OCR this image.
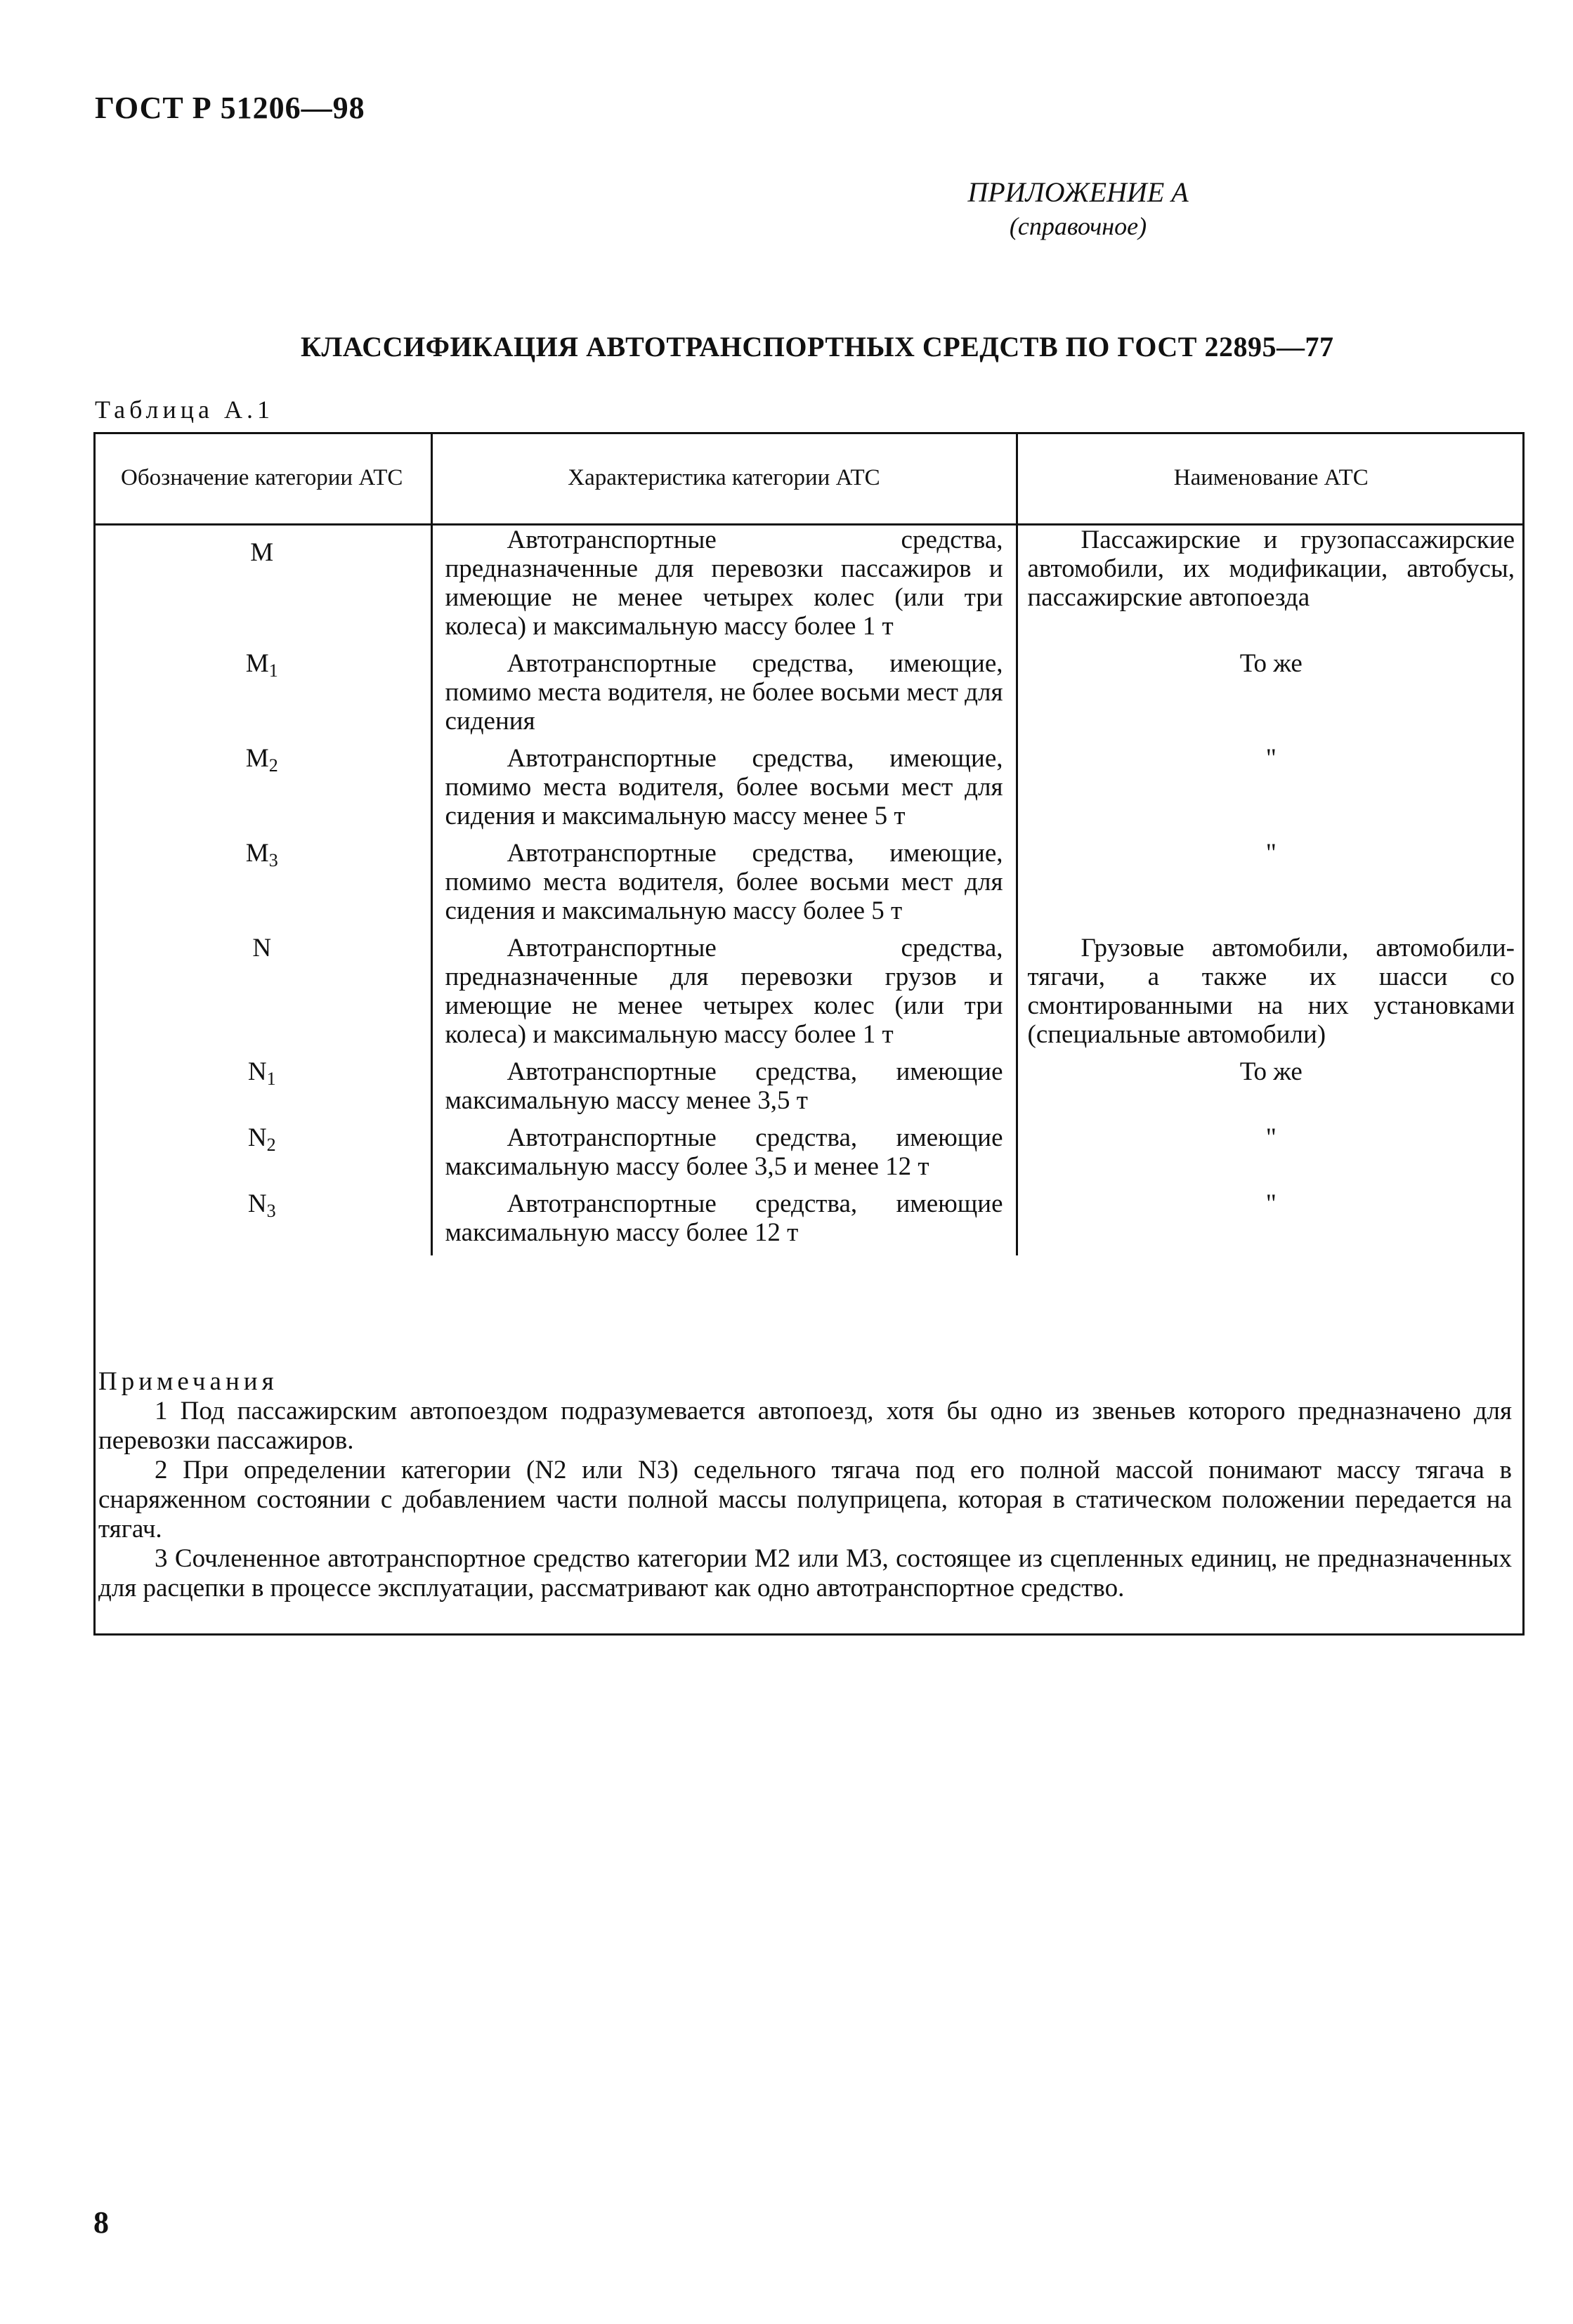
ГОСТ Р 51206—98
ПРИЛОЖЕНИЕ А
(справочное)
КЛАССИФИКАЦИЯ АВТОТРАНСПОРТНЫХ СРЕДСТВ ПО ГОСТ 22895—77
Таблица А.1
Обозначение категории АТС	Характеристика категории АТС	Наименование АТС
M	Автотранспортные средства, предназначенные для перевозки пассажиров и имеющие не менее четырех колес (или три колеса) и максимальную массу более 1 т	Пассажирские и грузопассажирские автомобили, их модификации, автобусы, пассажирские автопоезда

$M_1$	Автотранспортные средства, имеющие, помимо места водителя, не более восьми мест для сидения	То же

$M_2$	Автотранспортные средства, имеющие, помимо места водителя, более восьми мест для сидения и максимальную массу менее 5 т	"

$M_3$	Автотранспортные средства, имеющие, помимо места водителя, более восьми мест для сидения и максимальную массу более 5 т	"

N	Автотранспортные средства, предназначенные для перевозки грузов и имеющие не менее четырех колес (или три колеса) и максимальную массу более 1 т	Грузовые автомобили, автомобили-тягачи, а также их шасси со смонтированными на них установками (специальные автомобили)

$N_1$	Автотранспортные средства, имеющие максимальную массу менее 3,5 т	То же

$N_2$	Автотранспортные средства, имеющие максимальную массу более 3,5 и менее 12 т	"

$N_3$	Автотранспортные средства, имеющие максимальную массу более 12 т	"
Примечания

1 Под пассажирским автопоездом подразумевается автопоезд, хотя бы одно из звеньев которого предназначено для перевозки пассажиров.

2 При определении категории (N2 или N3) седельного тягача под его полной массой понимают массу тягача в снаряженном состоянии с добавлением части полной массы полуприцепа, которая в статическом положении передается на тягач.

3 Сочлененное автотранспортное средство категории М2 или М3, состоящее из сцепленных единиц, не предназначенных для расцепки в процессе эксплуатации, рассматривают как одно автотранспортное средство.

8
